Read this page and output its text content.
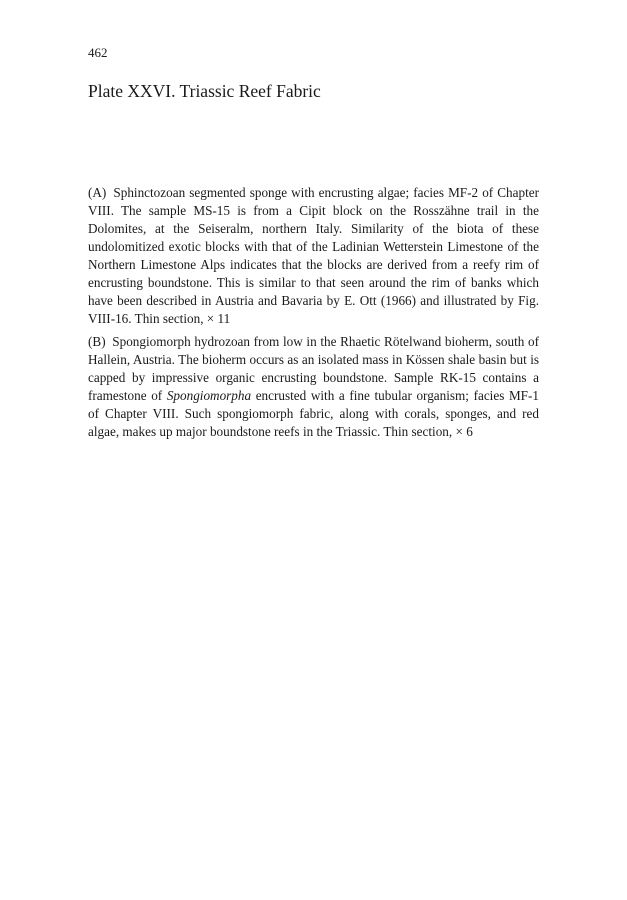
462
Plate XXVI. Triassic Reef Fabric

(A) Sphinctozoan segmented sponge with encrusting algae; facies MF-2 of Chapter VIII. The sample MS-15 is from a Cipit block on the Rosszähne trail in the Dolomites, at the Seiseralm, northern Italy. Similarity of the biota of these undolomitized exotic blocks with that of the Ladinian Wetterstein Limestone of the Northern Limestone Alps indicates that the blocks are derived from a reefy rim of encrusting boundstone. This is similar to that seen around the rim of banks which have been described in Austria and Bavaria by E. Ott (1966) and illustrated by Fig. VIII-16. Thin section, × 11

(B) Spongiomorph hydrozoan from low in the Rhaetic Rötelwand bioherm, south of Hallein, Austria. The bioherm occurs as an isolated mass in Kössen shale basin but is capped by impressive organic encrusting boundstone. Sample RK-15 contains a framestone of Spongiomorpha encrusted with a fine tubular organism; facies MF-1 of Chapter VIII. Such spongiomorph fabric, along with corals, sponges, and red algae, makes up major boundstone reefs in the Triassic. Thin section, × 6
